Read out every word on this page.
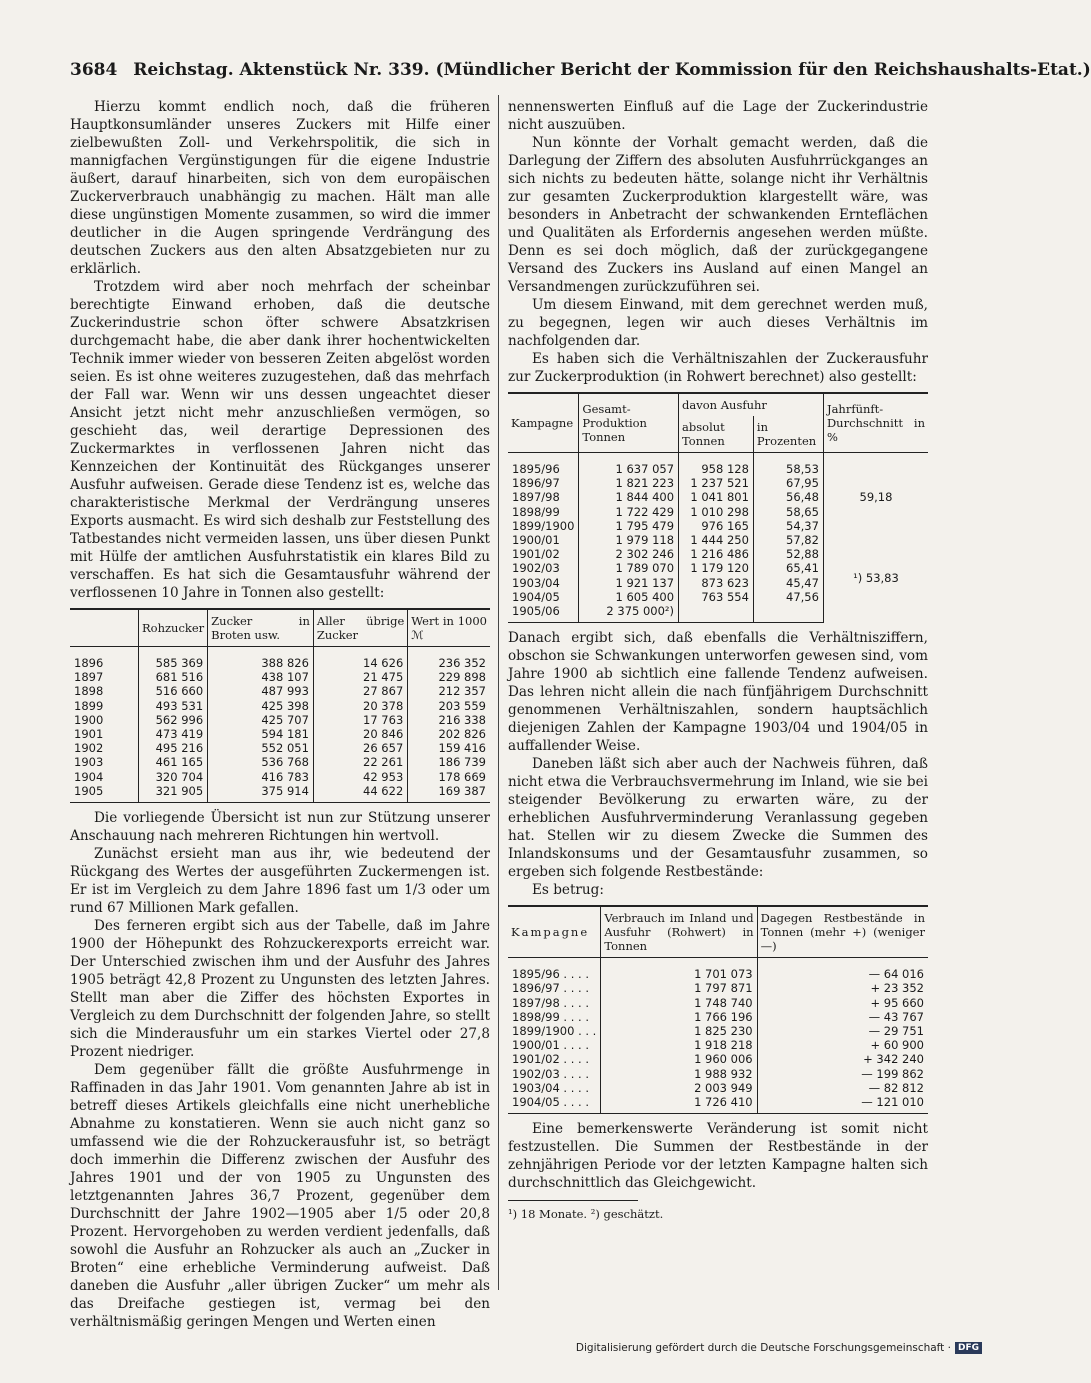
3684 Reichstag. Aktenstück Nr. 339. (Mündlicher Bericht der Kommission für den Reichshaushalts-Etat.)

Hierzu kommt endlich noch, daß die früheren Hauptkonsumländer unseres Zuckers mit Hilfe einer zielbewußten Zoll- und Verkehrspolitik, die sich in mannigfachen Vergünstigungen für die eigene Industrie äußert, darauf hinarbeiten, sich von dem europäischen Zuckerverbrauch unabhängig zu machen. Hält man alle diese ungünstigen Momente zusammen, so wird die immer deutlicher in die Augen springende Verdrängung des deutschen Zuckers aus den alten Absatzgebieten nur zu erklärlich.

Trotzdem wird aber noch mehrfach der scheinbar berechtigte Einwand erhoben, daß die deutsche Zuckerindustrie schon öfter schwere Absatzkrisen durchgemacht habe, die aber dank ihrer hochentwickelten Technik immer wieder von besseren Zeiten abgelöst worden seien. Es ist ohne weiteres zuzugestehen, daß das mehrfach der Fall war. Wenn wir uns dessen ungeachtet dieser Ansicht jetzt nicht mehr anzuschließen vermögen, so geschieht das, weil derartige Depressionen des Zuckermarktes in verflossenen Jahren nicht das Kennzeichen der Kontinuität des Rückganges unserer Ausfuhr aufweisen. Gerade diese Tendenz ist es, welche das charakteristische Merkmal der Verdrängung unseres Exports ausmacht. Es wird sich deshalb zur Feststellung des Tatbestandes nicht vermeiden lassen, uns über diesen Punkt mit Hülfe der amtlichen Ausfuhrstatistik ein klares Bild zu verschaffen. Es hat sich die Gesamtausfuhr während der verflossenen 10 Jahre in Tonnen also gestellt:

	Rohzucker	Zucker in Broten usw.	Aller übrige Zucker	Wert in 1000 ℳ
1896	585 369	388 826	14 626	236 352
1897	681 516	438 107	21 475	229 898
1898	516 660	487 993	27 867	212 357
1899	493 531	425 398	20 378	203 559
1900	562 996	425 707	17 763	216 338
1901	473 419	594 181	20 846	202 826
1902	495 216	552 051	26 657	159 416
1903	461 165	536 768	22 261	186 739
1904	320 704	416 783	42 953	178 669
1905	321 905	375 914	44 622	169 387

Die vorliegende Übersicht ist nun zur Stützung unserer Anschauung nach mehreren Richtungen hin wertvoll.

Zunächst ersieht man aus ihr, wie bedeutend der Rückgang des Wertes der ausgeführten Zuckermengen ist. Er ist im Vergleich zu dem Jahre 1896 fast um 1/3 oder um rund 67 Millionen Mark gefallen.

Des ferneren ergibt sich aus der Tabelle, daß im Jahre 1900 der Höhepunkt des Rohzuckerexports erreicht war. Der Unterschied zwischen ihm und der Ausfuhr des Jahres 1905 beträgt 42,8 Prozent zu Ungunsten des letzten Jahres. Stellt man aber die Ziffer des höchsten Exportes in Vergleich zu dem Durchschnitt der folgenden Jahre, so stellt sich die Minderausfuhr um ein starkes Viertel oder 27,8 Prozent niedriger.

Dem gegenüber fällt die größte Ausfuhrmenge in Raffinaden in das Jahr 1901. Vom genannten Jahre ab ist in betreff dieses Artikels gleichfalls eine nicht unerhebliche Abnahme zu konstatieren. Wenn sie auch nicht ganz so umfassend wie die der Rohzuckerausfuhr ist, so beträgt doch immerhin die Differenz zwischen der Ausfuhr des Jahres 1901 und der von 1905 zu Ungunsten des letztgenannten Jahres 36,7 Prozent, gegenüber dem Durchschnitt der Jahre 1902—1905 aber 1/5 oder 20,8 Prozent. Hervorgehoben zu werden verdient jedenfalls, daß sowohl die Ausfuhr an Rohzucker als auch an „Zucker in Broten“ eine erhebliche Verminderung aufweist. Daß daneben die Ausfuhr „aller übrigen Zucker“ um mehr als das Dreifache gestiegen ist, vermag bei den verhältnismäßig geringen Mengen und Werten einen

nennenswerten Einfluß auf die Lage der Zuckerindustrie nicht auszuüben.

Nun könnte der Vorhalt gemacht werden, daß die Darlegung der Ziffern des absoluten Ausfuhrrückganges an sich nichts zu bedeuten hätte, solange nicht ihr Verhältnis zur gesamten Zuckerproduktion klargestellt wäre, was besonders in Anbetracht der schwankenden Ernteflächen und Qualitäten als Erfordernis angesehen werden müßte. Denn es sei doch möglich, daß der zurückgegangene Versand des Zuckers ins Ausland auf einen Mangel an Versandmengen zurückzuführen sei.

Um diesem Einwand, mit dem gerechnet werden muß, zu begegnen, legen wir auch dieses Verhältnis im nachfolgenden dar.

Es haben sich die Verhältniszahlen der Zuckerausfuhr zur Zuckerproduktion (in Rohwert berechnet) also gestellt:

Kampagne	Gesamt-Produktion Tonnen	davon Ausfuhr		Jahrfünft-Durchschnitt in %
		absolut Tonnen	in Prozenten	
1895/96	1 637 057	958 128	58,53	59,18
1896/97	1 821 223	1 237 521	67,95	
1897/98	1 844 400	1 041 801	56,48	
1898/99	1 722 429	1 010 298	58,65	
1899/1900	1 795 479	976 165	54,37	
1900/01	1 979 118	1 444 250	57,82	¹) 53,83
1901/02	2 302 246	1 216 486	52,88	
1902/03	1 789 070	1 179 120	65,41	
1903/04	1 921 137	873 623	45,47	
1904/05	1 605 400	763 554	47,56	
1905/06	2 375 000²)			

Danach ergibt sich, daß ebenfalls die Verhältnisziffern, obschon sie Schwankungen unterworfen gewesen sind, vom Jahre 1900 ab sichtlich eine fallende Tendenz aufweisen. Das lehren nicht allein die nach fünfjährigem Durchschnitt genommenen Verhältniszahlen, sondern hauptsächlich diejenigen Zahlen der Kampagne 1903/04 und 1904/05 in auffallender Weise.

Daneben läßt sich aber auch der Nachweis führen, daß nicht etwa die Verbrauchsvermehrung im Inland, wie sie bei steigender Bevölkerung zu erwarten wäre, zu der erheblichen Ausfuhrverminderung Veranlassung gegeben hat. Stellen wir zu diesem Zwecke die Summen des Inlandskonsums und der Gesamtausfuhr zusammen, so ergeben sich folgende Restbestände:

Es betrug:

Kampagne	Verbrauch im Inland und Ausfuhr (Rohwert) in Tonnen	Dagegen Restbestände in Tonnen (mehr +) (weniger —)
1895/96 . . . .	1 701 073	— 64 016
1896/97 . . . .	1 797 871	+ 23 352
1897/98 . . . .	1 748 740	+ 95 660
1898/99 . . . .	1 766 196	— 43 767
1899/1900 . . .	1 825 230	— 29 751
1900/01 . . . .	1 918 218	+ 60 900
1901/02 . . . .	1 960 006	+ 342 240
1902/03 . . . .	1 988 932	— 199 862
1903/04 . . . .	2 003 949	— 82 812
1904/05 . . . .	1 726 410	— 121 010

Eine bemerkenswerte Veränderung ist somit nicht festzustellen. Die Summen der Restbestände in der zehnjährigen Periode vor der letzten Kampagne halten sich durchschnittlich das Gleichgewicht.

¹) 18 Monate. ²) geschätzt.
Digitalisierung gefördert durch die Deutsche Forschungsgemeinschaft · DFG
